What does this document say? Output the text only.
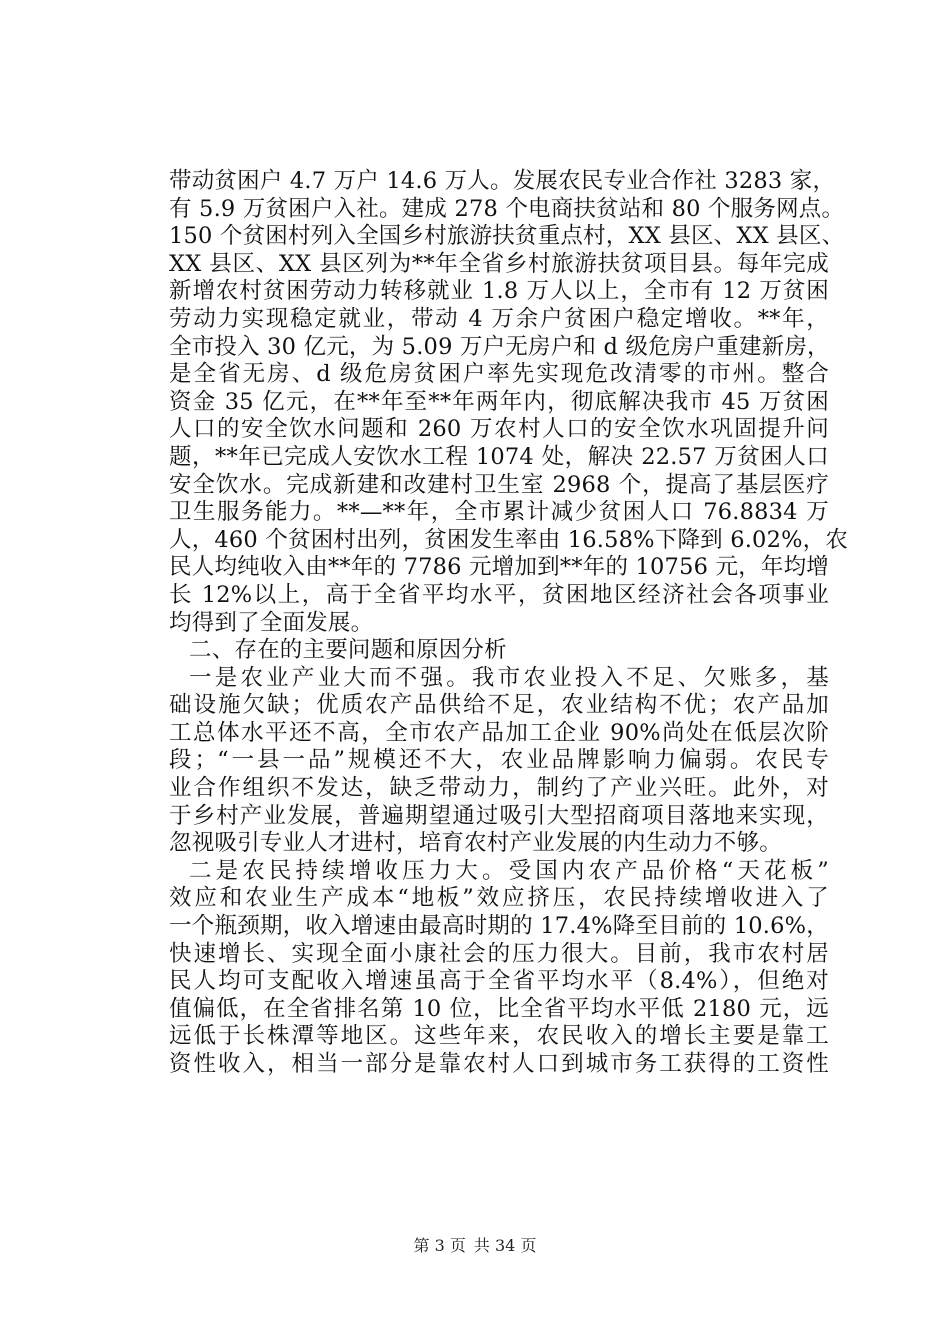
带动贫困户 4.7 万户 14.6 万人。发展农民专业合作社 3283 家，
有 5.9 万贫困户入社。建成 278 个电商扶贫站和 80 个服务网点。
150 个贫困村列入全国乡村旅游扶贫重点村，XX 县区、XX 县区、
XX 县区、XX 县区列为**年全省乡村旅游扶贫项目县。每年完成
新增农村贫困劳动力转移就业 1.8 万人以上，全市有 12 万贫困
劳动力实现稳定就业，带动 4 万余户贫困户稳定增收。**年，
全市投入 30 亿元，为 5.09 万户无房户和 d 级危房户重建新房，
是全省无房、d 级危房贫困户率先实现危改清零的市州。整合
资金 35 亿元，在**年至**年两年内，彻底解决我市 45 万贫困
人口的安全饮水问题和 260 万农村人口的安全饮水巩固提升问
题，**年已完成人安饮水工程 1074 处，解决 22.57 万贫困人口
安全饮水。完成新建和改建村卫生室 2968 个，提高了基层医疗
卫生服务能力。**—**年，全市累计减少贫困人口 76.8834 万
人，460 个贫困村出列，贫困发生率由 16.58%下降到 6.02%，农
民人均纯收入由**年的 7786 元增加到**年的 10756 元，年均增
长 12%以上，高于全省平均水平，贫困地区经济社会各项事业
均得到了全面发展。
二、存在的主要问题和原因分析
一是农业产业大而不强。我市农业投入不足、欠账多，基
础设施欠缺；优质农产品供给不足，农业结构不优；农产品加
工总体水平还不高，全市农产品加工企业 90%尚处在低层次阶
段；“一县一品”规模还不大，农业品牌影响力偏弱。农民专
业合作组织不发达，缺乏带动力，制约了产业兴旺。此外，对
于乡村产业发展，普遍期望通过吸引大型招商项目落地来实现，
忽视吸引专业人才进村，培育农村产业发展的内生动力不够。
二是农民持续增收压力大。受国内农产品价格“天花板”
效应和农业生产成本“地板”效应挤压，农民持续增收进入了
一个瓶颈期，收入增速由最高时期的 17.4%降至目前的 10.6%，
快速增长、实现全面小康社会的压力很大。目前，我市农村居
民人均可支配收入增速虽高于全省平均水平（8.4%），但绝对
值偏低，在全省排名第 10 位，比全省平均水平低 2180 元，远
远低于长株潭等地区。这些年来，农民收入的增长主要是靠工
资性收入，相当一部分是靠农村人口到城市务工获得的工资性
第 3 页 共 34 页
